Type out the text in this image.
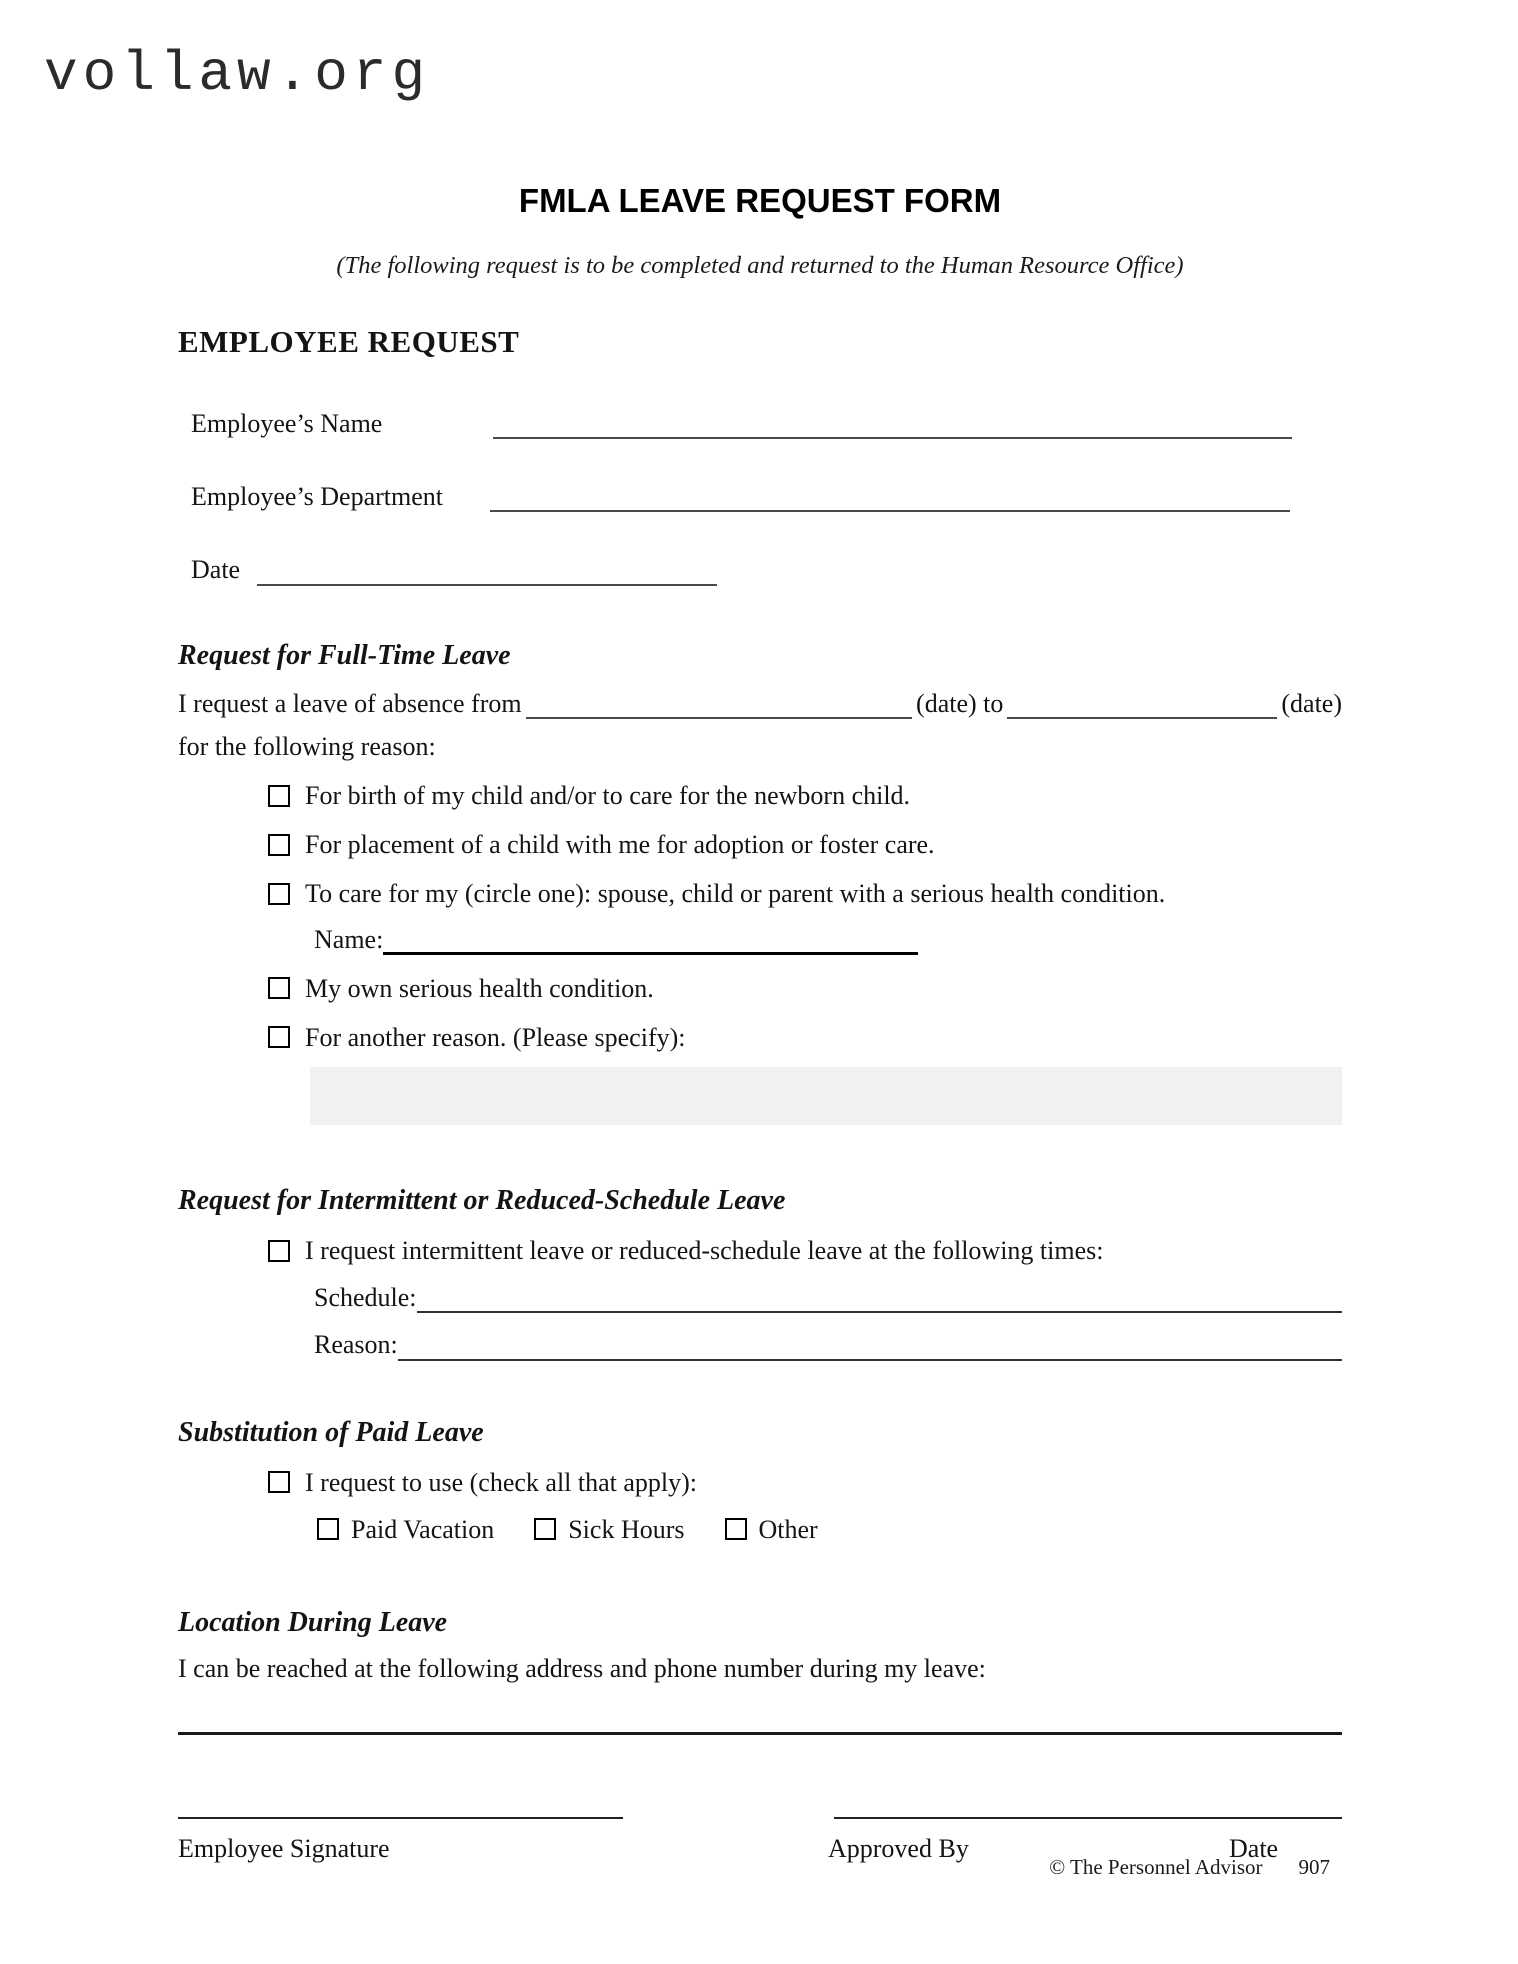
vollaw.org
FMLA LEAVE REQUEST FORM
(The following request is to be completed and returned to the Human Resource Office)
EMPLOYEE REQUEST
Employee’s Name
Employee’s Department
Date
Request for Full-Time Leave
I request a leave of absence from	(date) to	(date)
for the following reason:
For birth of my child and/or to care for the newborn child.
For placement of a child with me for adoption or foster care.
To care for my (circle one): spouse, child or parent with a serious health condition.
Name:
My own serious health condition.
For another reason. (Please specify):
Request for Intermittent or Reduced-Schedule Leave
I request intermittent leave or reduced-schedule leave at the following times:
Schedule:
Reason:
Substitution of Paid Leave
I request to use (check all that apply):
Paid Vacation	Sick Hours	Other
Location During Leave
I can be reached at the following address and phone number during my leave:
Employee Signature	Approved By	Date
© The Personnel Advisor 907
